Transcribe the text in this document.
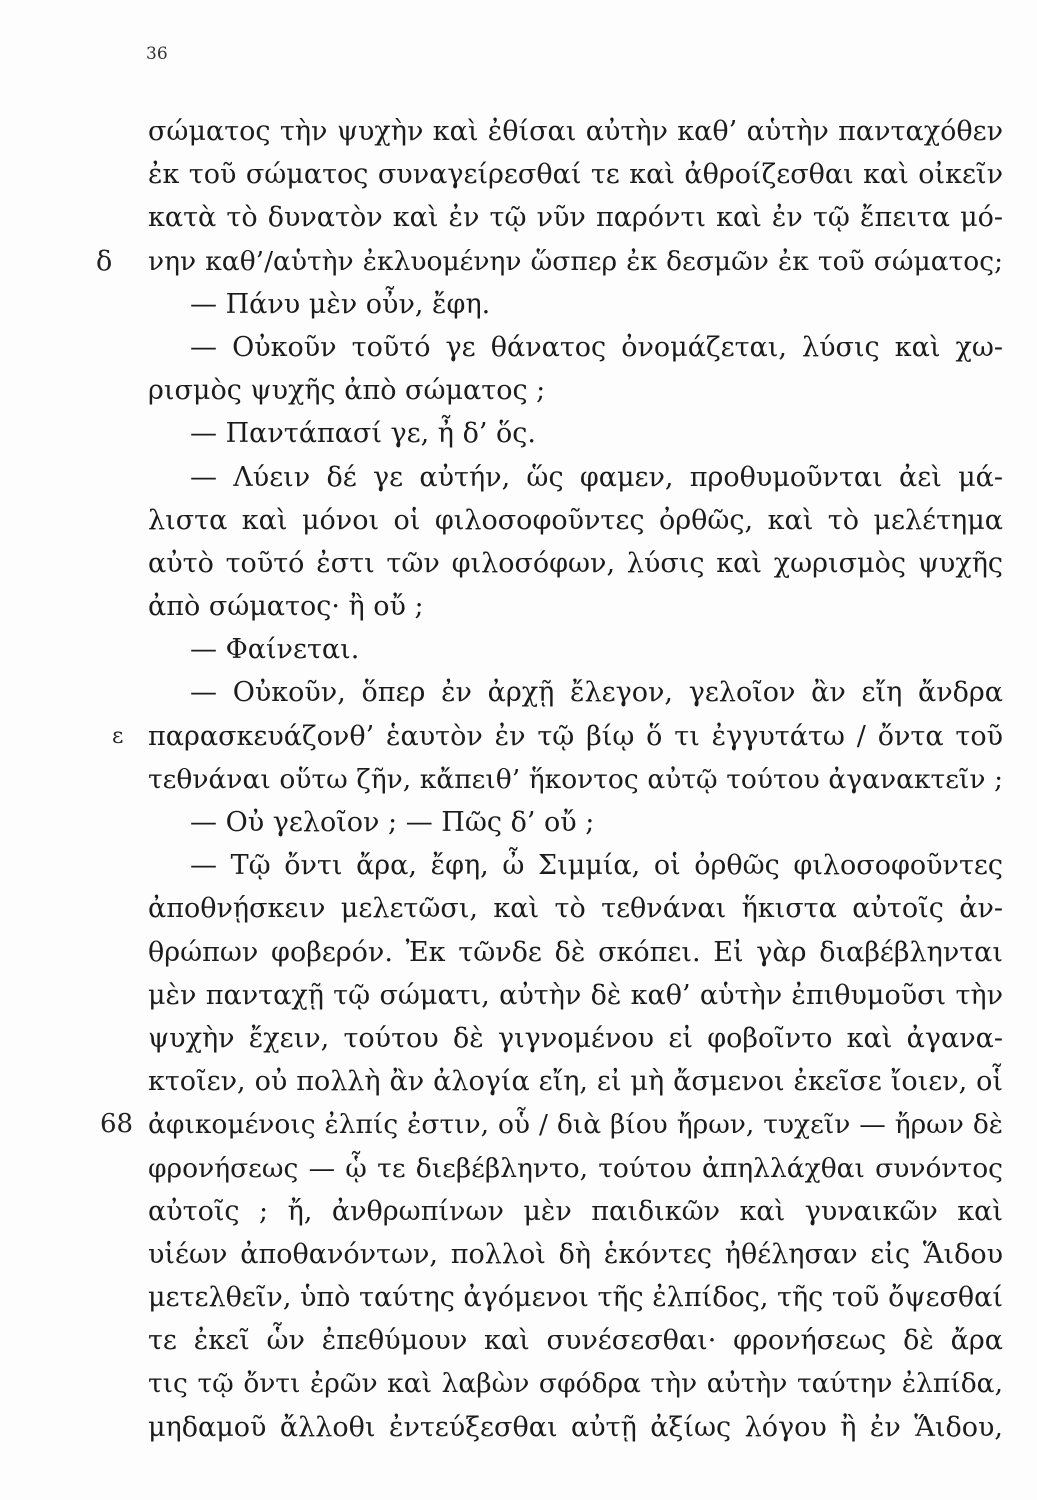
36
σώματος τὴν ψυχὴν καὶ ἐθίσαι αὐτὴν καθ’ αὑτὴν πανταχόθεν
ἐκ τοῦ σώματος συναγείρεσθαί τε καὶ ἀθροίζεσθαι καὶ οἰκεῖν
κατὰ τὸ δυνατὸν καὶ ἐν τῷ νῦν παρόντι καὶ ἐν τῷ ἔπειτα μό-
δ νην καθ’/αὑτὴν ἐκλυομένην ὥσπερ ἐκ δεσμῶν ἐκ τοῦ σώματος;
— Πάνυ μὲν οὖν, ἔφη.
— Οὐκοῦν τοῦτό γε θάνατος ὀνομάζεται, λύσις καὶ χω-
ρισμὸς ψυχῆς ἀπὸ σώματος ;
— Παντάπασί γε, ἦ δ’ ὅς.
— Λύειν δέ γε αὐτήν, ὥς φαμεν, προθυμοῦνται ἀεὶ μά-
λιστα καὶ μόνοι οἱ φιλοσοφοῦντες ὀρθῶς, καὶ τὸ μελέτημα
αὐτὸ τοῦτό ἐστι τῶν φιλοσόφων, λύσις καὶ χωρισμὸς ψυχῆς
ἀπὸ σώματος· ἢ οὔ ;
— Φαίνεται.
— Οὐκοῦν, ὅπερ ἐν ἀρχῇ ἔλεγον, γελοῖον ἂν εἴη ἄνδρα
ε παρασκευάζονθ’ ἑαυτὸν ἐν τῷ βίῳ ὅ τι ἐγγυτάτω / ὄντα τοῦ
τεθνάναι οὕτω ζῆν, κἄπειθ’ ἥκοντος αὐτῷ τούτου ἀγανακτεῖν ;
— Οὐ γελοῖον ; — Πῶς δ’ οὔ ;
— Τῷ ὄντι ἄρα, ἔφη, ὦ Σιμμία, οἱ ὀρθῶς φιλοσοφοῦντες
ἀποθνῄσκειν μελετῶσι, καὶ τὸ τεθνάναι ἥκιστα αὐτοῖς ἀν-
θρώπων φοβερόν. Ἐκ τῶνδε δὲ σκόπει. Εἰ γὰρ διαβέβληνται
μὲν πανταχῇ τῷ σώματι, αὐτὴν δὲ καθ’ αὑτὴν ἐπιθυμοῦσι τὴν
ψυχὴν ἔχειν, τούτου δὲ γιγνομένου εἰ φοβοῖντο καὶ ἀγανα-
κτοῖεν, οὐ πολλὴ ἂν ἀλογία εἴη, εἰ μὴ ἄσμενοι ἐκεῖσε ἴοιεν, οἷ
68 ἀφικομένοις ἐλπίς ἐστιν, οὗ / διὰ βίου ἤρων, τυχεῖν — ἤρων δὲ
φρονήσεως — ᾧ τε διεβέβληντο, τούτου ἀπηλλάχθαι συνόντος
αὐτοῖς ; ἤ, ἀνθρωπίνων μὲν παιδικῶν καὶ γυναικῶν καὶ
υἱέων ἀποθανόντων, πολλοὶ δὴ ἑκόντες ἠθέλησαν εἰς Ἅιδου
μετελθεῖν, ὑπὸ ταύτης ἀγόμενοι τῆς ἐλπίδος, τῆς τοῦ ὄψεσθαί
τε ἐκεῖ ὧν ἐπεθύμουν καὶ συνέσεσθαι· φρονήσεως δὲ ἄρα
τις τῷ ὄντι ἐρῶν καὶ λαβὼν σφόδρα τὴν αὐτὴν ταύτην ἐλπίδα,
μηδαμοῦ ἄλλοθι ἐντεύξεσθαι αὐτῇ ἀξίως λόγου ἢ ἐν Ἅιδου,
